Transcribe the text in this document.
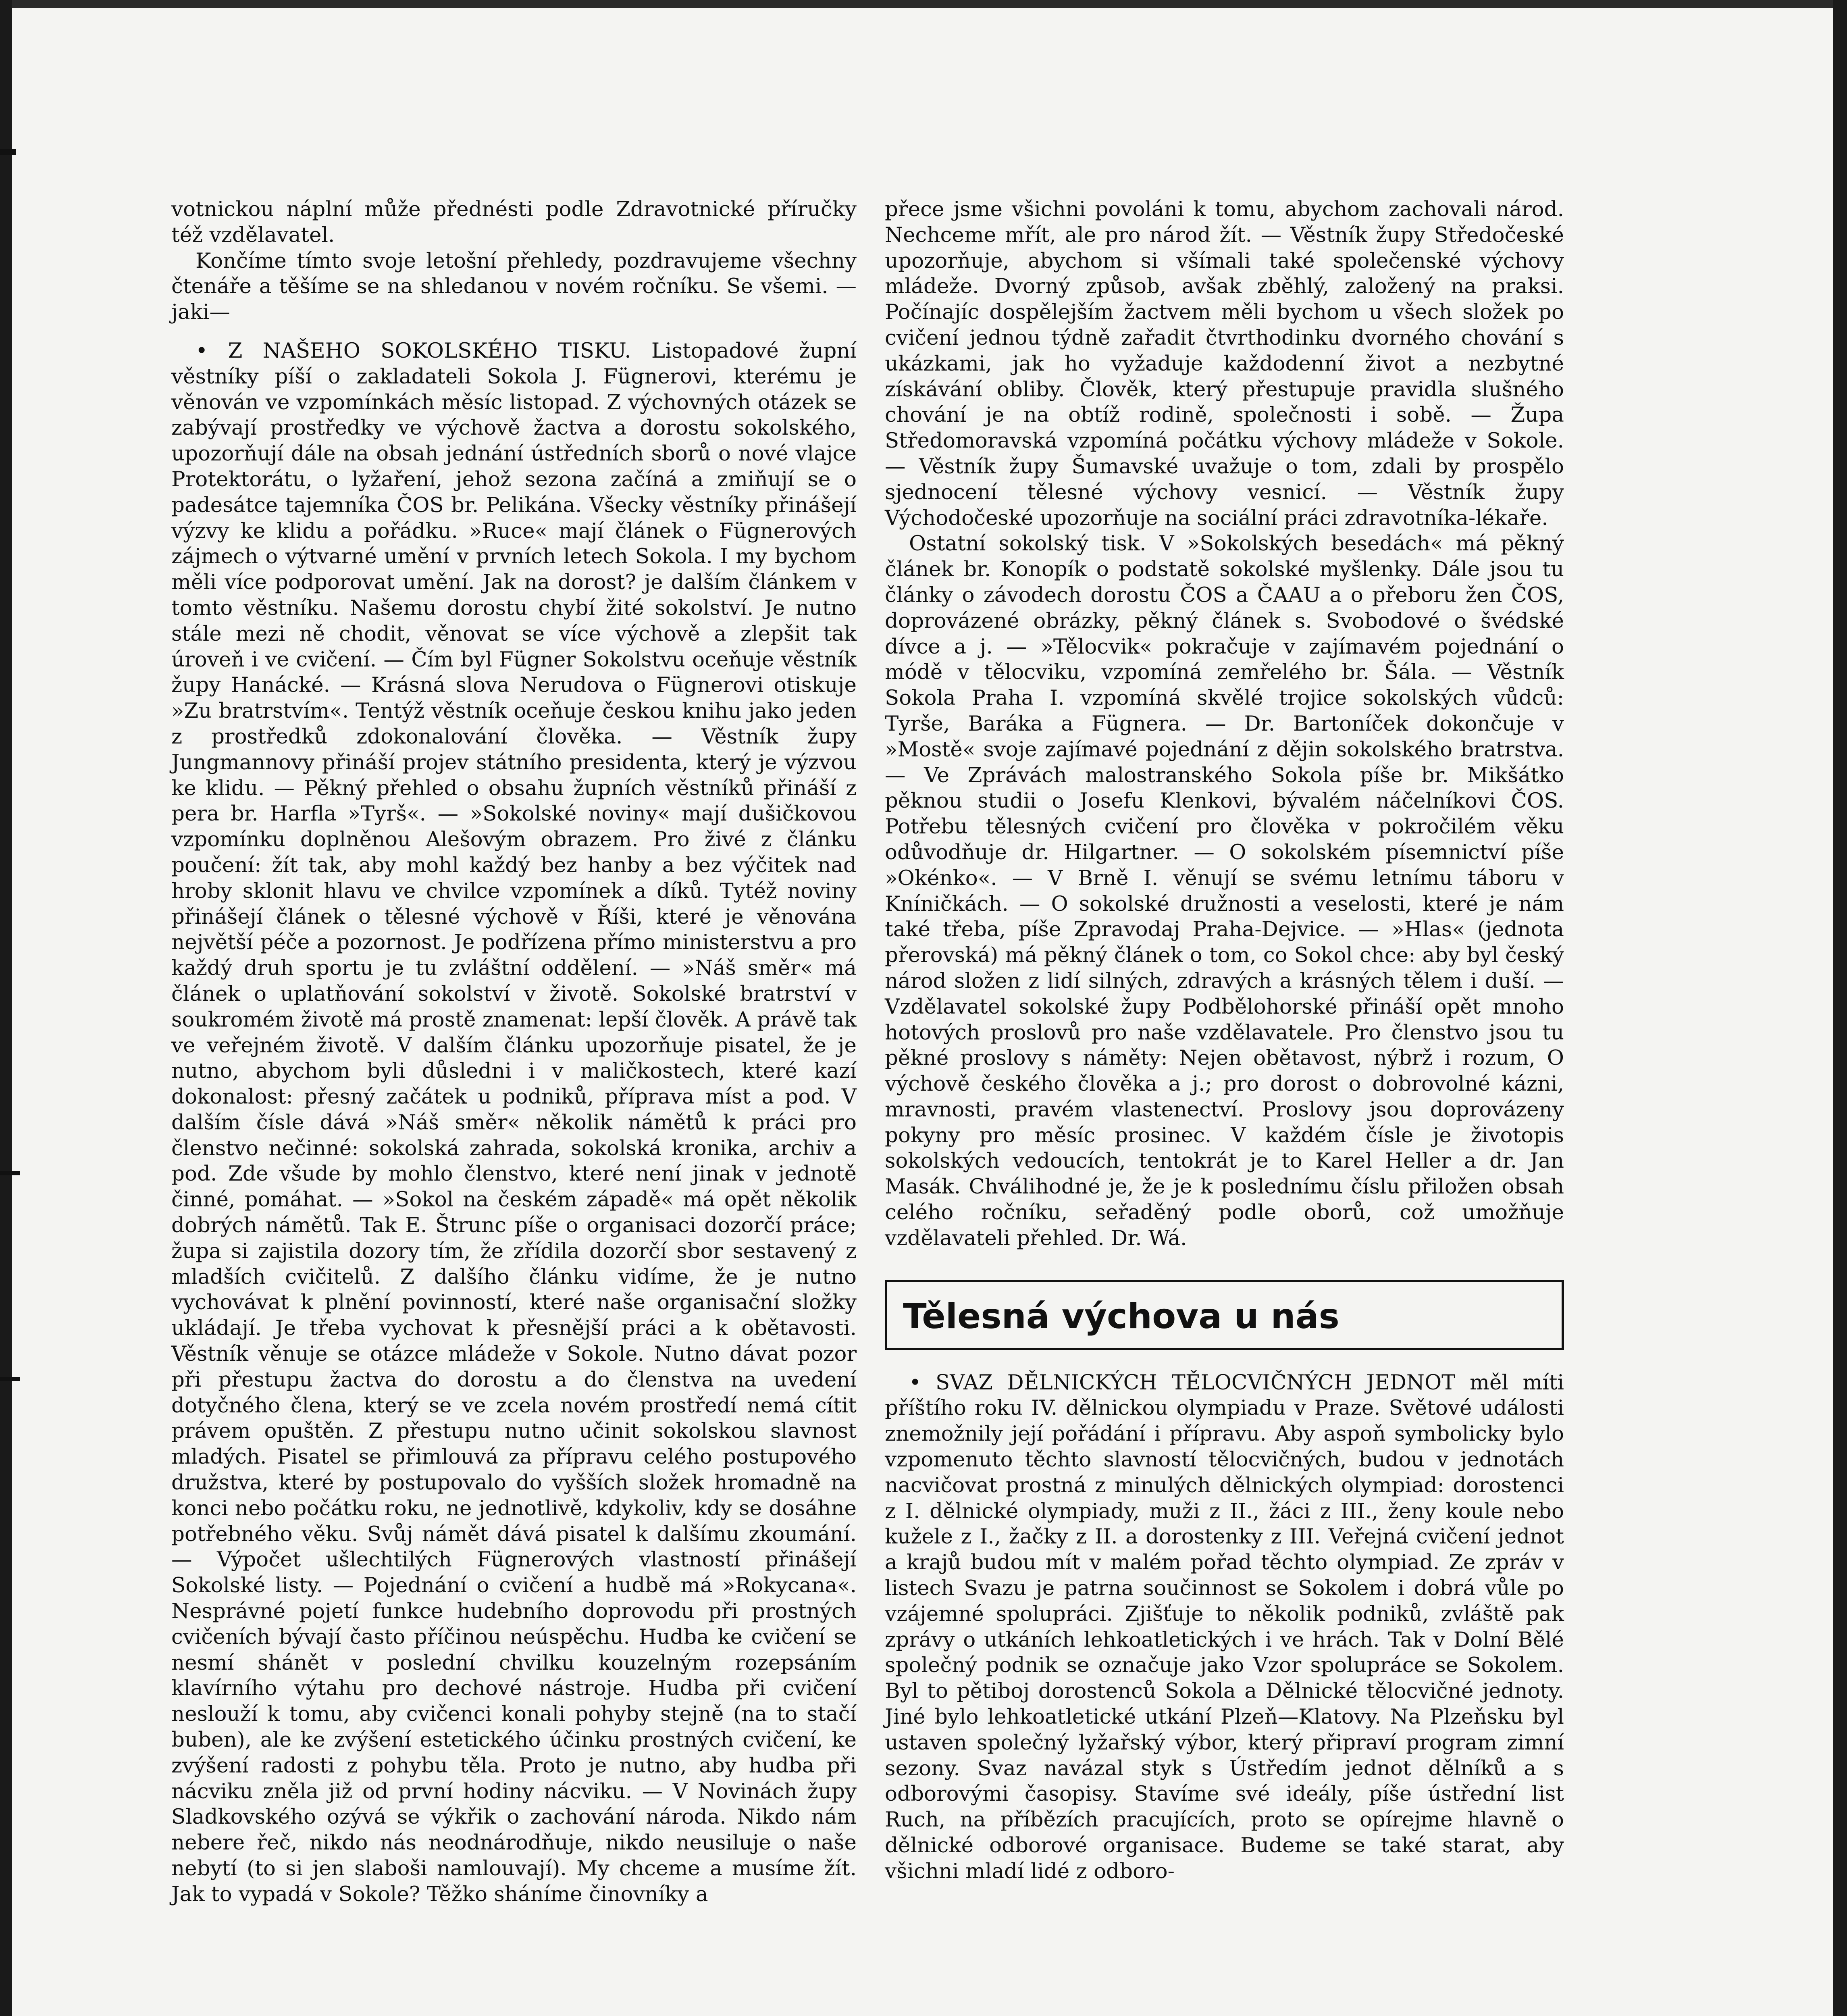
votnickou náplní může přednésti podle Zdravotnické příručky též vzdělavatel.

Končíme tímto svoje letošní přehledy, pozdravujeme všechny čtenáře a těšíme se na shledanou v novém ročníku. Se všemi. —jaki—

• Z NAŠEHO SOKOLSKÉHO TISKU. Listopadové župní věstníky píší o zakladateli Sokola J. Fügnerovi, kterému je věnován ve vzpomínkách měsíc listopad. Z výchovných otázek se zabývají prostředky ve výchově žactva a dorostu sokolského, upozorňují dále na obsah jednání ústředních sborů o nové vlajce Protektorátu, o lyžaření, jehož sezona začíná a zmiňují se o padesátce tajemníka ČOS br. Pelikána. Všecky věstníky přinášejí výzvy ke klidu a pořádku. »Ruce« mají článek o Fügnerových zájmech o výtvarné umění v prvních letech Sokola. I my bychom měli více podporovat umění. Jak na dorost? je dalším článkem v tomto věstníku. Našemu dorostu chybí žité sokolství. Je nutno stále mezi ně chodit, věnovat se více výchově a zlepšit tak úroveň i ve cvičení. — Čím byl Fügner Sokolstvu oceňuje věstník župy Hanácké. — Krásná slova Nerudova o Fügnerovi otiskuje »Zu bratrstvím«. Tentýž věstník oceňuje českou knihu jako jeden z prostředků zdokonalování člověka. — Věstník župy Jungmannovy přináší projev státního presidenta, který je výzvou ke klidu. — Pěkný přehled o obsahu župních věstníků přináší z pera br. Harfla »Tyrš«. — »Sokolské noviny« mají dušičkovou vzpomínku doplněnou Alešovým obrazem. Pro živé z článku poučení: žít tak, aby mohl každý bez hanby a bez výčitek nad hroby sklonit hlavu ve chvilce vzpomínek a díků. Tytéž noviny přinášejí článek o tělesné výchově v Říši, které je věnována největší péče a pozornost. Je podřízena přímo ministerstvu a pro každý druh sportu je tu zvláštní oddělení. — »Náš směr« má článek o uplatňování sokolství v životě. Sokolské bratrství v soukromém životě má prostě znamenat: lepší člověk. A právě tak ve veřejném životě. V dalším článku upozorňuje pisatel, že je nutno, abychom byli důsledni i v maličkostech, které kazí dokonalost: přesný začátek u podniků, příprava míst a pod. V dalším čísle dává »Náš směr« několik námětů k práci pro členstvo nečinné: sokolská zahrada, sokolská kronika, archiv a pod. Zde všude by mohlo členstvo, které není jinak v jednotě činné, pomáhat. — »Sokol na českém západě« má opět několik dobrých námětů. Tak E. Štrunc píše o organisaci dozorčí práce; župa si zajistila dozory tím, že zřídila dozorčí sbor sestavený z mladších cvičitelů. Z dalšího článku vidíme, že je nutno vychovávat k plnění povinností, které naše organisační složky ukládají. Je třeba vychovat k přesnější práci a k obětavosti. Věstník věnuje se otázce mládeže v Sokole. Nutno dávat pozor při přestupu žactva do dorostu a do členstva na uvedení dotyčného člena, který se ve zcela novém prostředí nemá cítit právem opuštěn. Z přestupu nutno učinit sokolskou slavnost mladých. Pisatel se přimlouvá za přípravu celého postupového družstva, které by postupovalo do vyšších složek hromadně na konci nebo počátku roku, ne jednotlivě, kdykoliv, kdy se dosáhne potřebného věku. Svůj námět dává pisatel k dalšímu zkoumání. — Výpočet ušlechtilých Fügnerových vlastností přinášejí Sokolské listy. — Pojednání o cvičení a hudbě má »Rokycana«. Nesprávné pojetí funkce hudebního doprovodu při prostných cvičeních bývají často příčinou neúspěchu. Hudba ke cvičení se nesmí shánět v poslední chvilku kouzelným rozepsáním klavírního výtahu pro dechové nástroje. Hudba při cvičení neslouží k tomu, aby cvičenci konali pohyby stejně (na to stačí buben), ale ke zvýšení estetického účinku prostných cvičení, ke zvýšení radosti z pohybu těla. Proto je nutno, aby hudba při nácviku zněla již od první hodiny nácviku. — V Novinách župy Sladkovského ozývá se výkřik o zachování národa. Nikdo nám nebere řeč, nikdo nás neodnárodňuje, nikdo neusiluje o naše nebytí (to si jen slaboši namlouvají). My chceme a musíme žít. Jak to vypadá v Sokole? Těžko sháníme činovníky a

přece jsme všichni povoláni k tomu, abychom zachovali národ. Nechceme mřít, ale pro národ žít. — Věstník župy Středočeské upozorňuje, abychom si všímali také společenské výchovy mládeže. Dvorný způsob, avšak zběhlý, založený na praksi. Počínajíc dospělejším žactvem měli bychom u všech složek po cvičení jednou týdně zařadit čtvrthodinku dvorného chování s ukázkami, jak ho vyžaduje každodenní život a nezbytné získávání obliby. Člověk, který přestupuje pravidla slušného chování je na obtíž rodině, společnosti i sobě. — Župa Středomoravská vzpomíná počátku výchovy mládeže v Sokole. — Věstník župy Šumavské uvažuje o tom, zdali by prospělo sjednocení tělesné výchovy vesnicí. — Věstník župy Východočeské upozorňuje na sociální práci zdravotníka-lékaře.

Ostatní sokolský tisk. V »Sokolských besedách« má pěkný článek br. Konopík o podstatě sokolské myšlenky. Dále jsou tu články o závodech dorostu ČOS a ČAAU a o přeboru žen ČOS, doprovázené obrázky, pěkný článek s. Svobodové o švédské dívce a j. — »Tělocvik« pokračuje v zajímavém pojednání o módě v tělocviku, vzpomíná zemřelého br. Šála. — Věstník Sokola Praha I. vzpomíná skvělé trojice sokolských vůdců: Tyrše, Baráka a Fügnera. — Dr. Bartoníček dokončuje v »Mostě« svoje zajímavé pojednání z dějin sokolského bratrstva. — Ve Zprávách malostranského Sokola píše br. Mikšátko pěknou studii o Josefu Klenkovi, bývalém náčelníkovi ČOS. Potřebu tělesných cvičení pro člověka v pokročilém věku odůvodňuje dr. Hilgartner. — O sokolském písemnictví píše »Okénko«. — V Brně I. věnují se svému letnímu táboru v Kníničkách. — O sokolské družnosti a veselosti, které je nám také třeba, píše Zpravodaj Praha-Dejvice. — »Hlas« (jednota přerovská) má pěkný článek o tom, co Sokol chce: aby byl český národ složen z lidí silných, zdravých a krásných tělem i duší. — Vzdělavatel sokolské župy Podbělohorské přináší opět mnoho hotových proslovů pro naše vzdělavatele. Pro členstvo jsou tu pěkné proslovy s náměty: Nejen obětavost, nýbrž i rozum, O výchově českého člověka a j.; pro dorost o dobrovolné kázni, mravnosti, pravém vlastenectví. Proslovy jsou doprovázeny pokyny pro měsíc prosinec. V každém čísle je životopis sokolských vedoucích, tentokrát je to Karel Heller a dr. Jan Masák. Chválihodné je, že je k poslednímu číslu přiložen obsah celého ročníku, seřaděný podle oborů, což umožňuje vzdělavateli přehled. Dr. Wá.

Tělesná výchova u nás

• SVAZ DĚLNICKÝCH TĚLOCVIČNÝCH JEDNOT měl míti příštího roku IV. dělnickou olympiadu v Praze. Světové události znemožnily její pořádání i přípravu. Aby aspoň symbolicky bylo vzpomenuto těchto slavností tělocvičných, budou v jednotách nacvičovat prostná z minulých dělnických olympiad: dorostenci z I. dělnické olympiady, muži z II., žáci z III., ženy koule nebo kužele z I., žačky z II. a dorostenky z III. Veřejná cvičení jednot a krajů budou mít v malém pořad těchto olympiad. Ze zpráv v listech Svazu je patrna součinnost se Sokolem i dobrá vůle po vzájemné spolupráci. Zjišťuje to několik podniků, zvláště pak zprávy o utkáních lehkoatletických i ve hrách. Tak v Dolní Bělé společný podnik se označuje jako Vzor spolupráce se Sokolem. Byl to pětiboj dorostenců Sokola a Dělnické tělocvičné jednoty. Jiné bylo lehkoatletické utkání Plzeň—Klatovy. Na Plzeňsku byl ustaven společný lyžařský výbor, který připraví program zimní sezony. Svaz navázal styk s Ústředím jednot dělníků a s odborovými časopisy. Stavíme své ideály, píše ústřední list Ruch, na příbězích pracujících, proto se opírejme hlavně o dělnické odborové organisace. Budeme se také starat, aby všichni mladí lidé z odboro-
